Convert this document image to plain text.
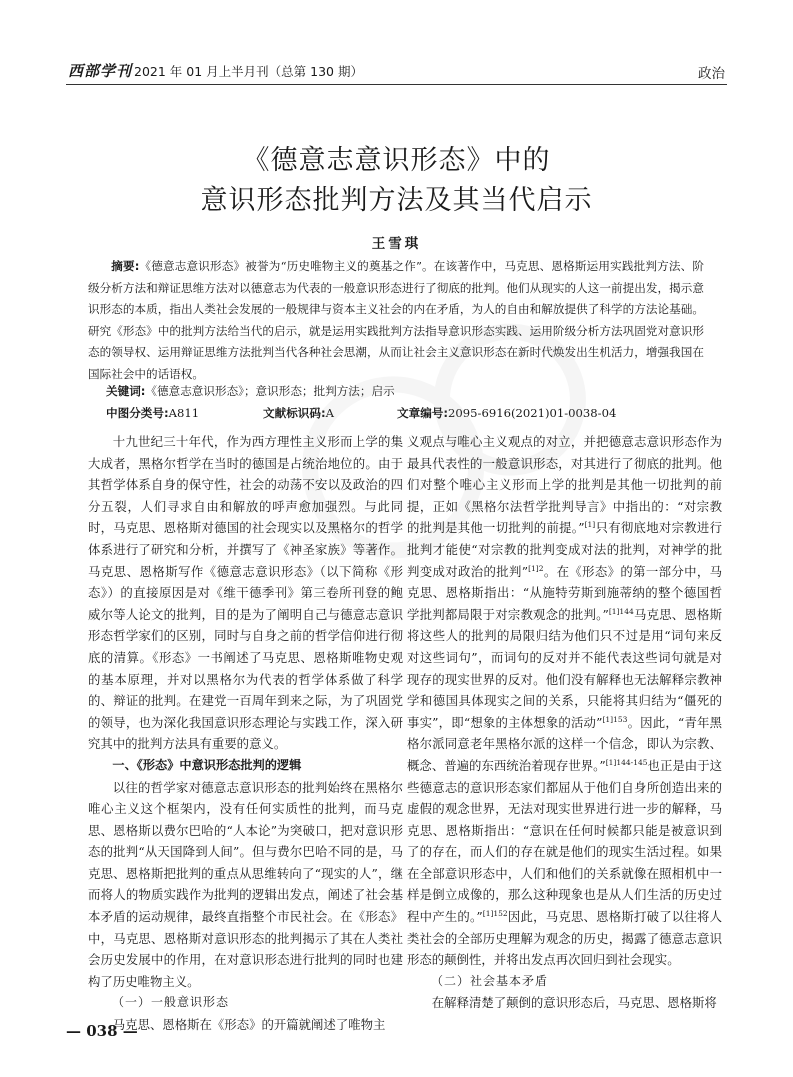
西部学刊 2021 年 01 月上半月刊（总第 130 期）	政治
《德意志意识形态》中的
意识形态批判方法及其当代启示
王雪琪
摘要:《德意志意识形态》被誉为“历史唯物主义的奠基之作”。在该著作中，马克思、恩格斯运用实践批判方法、阶级分析方法和辩证思维方法对以德意志为代表的一般意识形态进行了彻底的批判。他们从现实的人这一前提出发，揭示意识形态的本质，指出人类社会发展的一般规律与资本主义社会的内在矛盾，为人的自由和解放提供了科学的方法论基础。研究《形态》中的批判方法给当代的启示，就是运用实践批判方法指导意识形态实践、运用阶级分析方法巩固党对意识形态的领导权、运用辩证思维方法批判当代各种社会思潮，从而让社会主义意识形态在新时代焕发出生机活力，增强我国在国际社会中的话语权。
关键词:《德意志意识形态》；意识形态；批判方法；启示
中图分类号:A811	文献标识码:A	文章编号:2095-6916(2021)01-0038-04

十九世纪三十年代，作为西方理性主义形而上学的集大成者，黑格尔哲学在当时的德国是占统治地位的。由于其哲学体系自身的保守性，社会的动荡不安以及政治的四分五裂，人们寻求自由和解放的呼声愈加强烈。与此同时，马克思、恩格斯对德国的社会现实以及黑格尔的哲学体系进行了研究和分析，并撰写了《神圣家族》等著作。马克思、恩格斯写作《德意志意识形态》（以下简称《形态》）的直接原因是对《维干德季刊》第三卷所刊登的鲍威尔等人论文的批判，目的是为了阐明自己与德意志意识形态哲学家们的区别，同时与自身之前的哲学信仰进行彻底的清算。《形态》一书阐述了马克思、恩格斯唯物史观的基本原理，并对以黑格尔为代表的哲学体系做了科学的、辩证的批判。在建党一百周年到来之际，为了巩固党的领导，也为深化我国意识形态理论与实践工作，深入研究其中的批判方法具有重要的意义。

一、《形态》中意识形态批判的逻辑

以往的哲学家对德意志意识形态的批判始终在黑格尔唯心主义这个框架内，没有任何实质性的批判，而马克思、恩格斯以费尔巴哈的“人本论”为突破口，把对意识形态的批判“从天国降到人间”。但与费尔巴哈不同的是，马克思、恩格斯把批判的重点从思维转向了“现实的人”，继而将人的物质实践作为批判的逻辑出发点，阐述了社会基本矛盾的运动规律，最终直指整个市民社会。在《形态》中，马克思、恩格斯对意识形态的批判揭示了其在人类社会历史发展中的作用，在对意识形态进行批判的同时也建构了历史唯物主义。

（一）一般意识形态

马克思、恩格斯在《形态》的开篇就阐述了唯物主

义观点与唯心主义观点的对立，并把德意志意识形态作为最具代表性的一般意识形态，对其进行了彻底的批判。他们对整个唯心主义形而上学的批判是其他一切批判的前提，正如《黑格尔法哲学批判导言》中指出的：“对宗教的批判是其他一切批判的前提。”[1]只有彻底地对宗教进行批判才能使“对宗教的批判变成对法的批判，对神学的批判变成对政治的批判”$^{[1]2}$。在《形态》的第一部分中，马克思、恩格斯指出：“从施特劳斯到施蒂纳的整个德国哲学批判都局限于对宗教观念的批判。”$^{[1]144}$马克思、恩格斯将这些人的批判的局限归结为他们只不过是用“词句来反对这些词句”，而词句的反对并不能代表这些词句就是对现存的现实世界的反对。他们没有解释也无法解释宗教神学和德国具体现实之间的关系，只能将其归结为“僵死的事实”，即“想象的主体想象的活动”$^{[1]153}$。因此，“青年黑格尔派同意老年黑格尔派的这样一个信念，即认为宗教、概念、普遍的东西统治着现存世界。”$^{[1]144-145}$也正是由于这些德意志的意识形态家们都屈从于他们自身所创造出来的虚假的观念世界，无法对现实世界进行进一步的解释，马克思、恩格斯指出：“意识在任何时候都只能是被意识到了的存在，而人们的存在就是他们的现实生活过程。如果在全部意识形态中，人们和他们的关系就像在照相机中一样是倒立成像的，那么这种现象也是从人们生活的历史过程中产生的。”$^{[1]152}$因此，马克思、恩格斯打破了以往将人类社会的全部历史理解为观念的历史，揭露了德意志意识形态的颠倒性，并将出发点再次回归到社会现实。

（二）社会基本矛盾

在解释清楚了颠倒的意识形态后，马克思、恩格斯将

— 038 —
